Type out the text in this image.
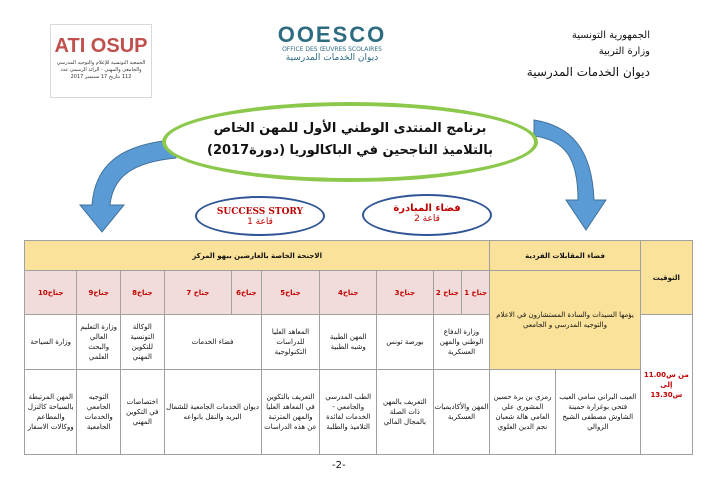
ATI OSUP
الجمعية التونسية للإعلام والتوجيه المدرسي والجامعي والمهني - الرائد الرسمي عدد 112 بتاريخ 17 سبتمبر 2017
OOESCO
OFFICE DES ŒUVRES SCOLAIRES
ديوان الخدمات المدرسية
الجمهورية التونسية
وزارة التربية
ديوان الخدمات المدرسية
برنامج المنتدى الوطني الأول للمهن الخاص
بالتلاميذ الناجحين في الباكالوريا (دورة2017)
SUCCESS STORY
قاعة 1
فضاء المبادرة
قاعة 2
التوقيت	فضاء المقابلات الفردية		الاجنحة الخاصة بالعارضين ببهو المركز									
	يؤمها السيدات والسادة المستشارون في الاعلام والتوجيه المدرسي و الجامعي		جناح 1	جناح 2	جناح3	جناح4	جناح5	جناح6	جناح 7	جناح8	جناح9	جناح10

من س11.00
إلى
س13.30			وزارة الدفاع الوطني والمهن العسكرية		بورصة تونس	المهن الطبية وشبه الطبية	المعاهد العليا للدراسات التكنولوجية	فضاء الخدمات		الوكالة التونسية للتكوين المهني	وزارة التعليم العالي والبحث العلمي	وزارة السياحة
	العيب البراني سامي العيب فتحي بوغرارة حمينة الشاوش مصطفى الشيخ الزوالي	رمزي بن برة حسين المشوري علي العامي هالة شعبان نجم الدين العلوي	المهن والأكاديميات العسكرية		التعريف بالمهن ذات الصلة بالمجال المالي	الطب المدرسي والجامعي - الخدمات لفائدة التلاميذ والطلبة	التعريف بالتكوين في المعاهد العليا والمهن المترتبة عن هذه الدراسات	ديوان الخدمات الجامعية للشمال البريد والنقل بانواعه		اختصاصات في التكوين المهني	التوجيه الجامعي والخدمات الجامعية	المهن المرتبطة بالسياحة كالنزل والمطاعم ووكالات الاسفار
-2-
